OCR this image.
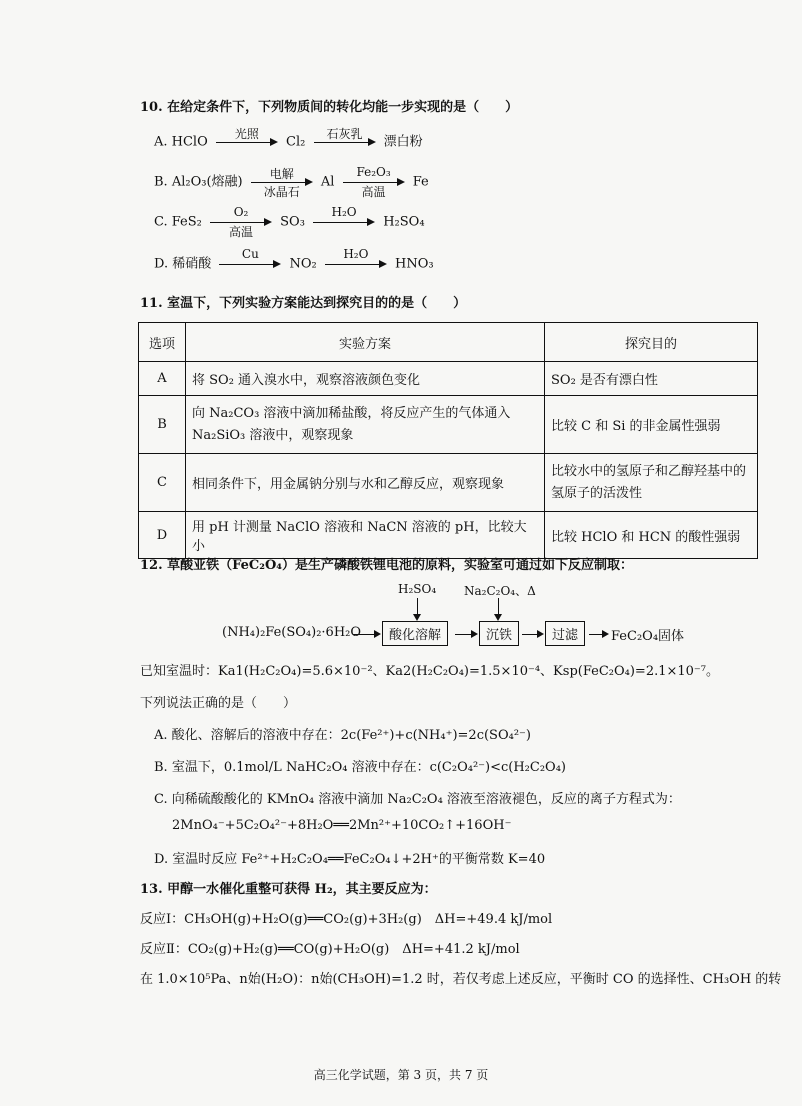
10. 在给定条件下，下列物质间的转化均能一步实现的是（　　）
A. HClO
光照
Cl₂
石灰乳
漂白粉
B. Al₂O₃(熔融)
电解
冰晶石
Al
Fe₂O₃
高温
Fe
C. FeS₂
O₂
高温
SO₃
H₂O
H₂SO₄
D. 稀硝酸
Cu
NO₂
H₂O
HNO₃
11. 室温下，下列实验方案能达到探究目的的是（　　）
选项	实验方案	探究目的
A	将 SO₂ 通入溴水中，观察溶液颜色变化	SO₂ 是否有漂白性
B	向 Na₂CO₃ 溶液中滴加稀盐酸，将反应产生的气体通入 Na₂SiO₃ 溶液中，观察现象	比较 C 和 Si 的非金属性强弱
C	相同条件下，用金属钠分别与水和乙醇反应，观察现象	比较水中的氢原子和乙醇羟基中的氢原子的活泼性
D	用 pH 计测量 NaClO 溶液和 NaCN 溶液的 pH，比较大小	比较 HClO 和 HCN 的酸性强弱
12. 草酸亚铁（FeC₂O₄）是生产磷酸铁锂电池的原料，实验室可通过如下反应制取：
H₂SO₄ Na₂C₂O₄、Δ
(NH₄)₂Fe(SO₄)₂·6H₂O	酸化溶解	沉铁	过滤	FeC₂O₄固体
已知室温时：Ka1(H₂C₂O₄)=5.6×10⁻²、Ka2(H₂C₂O₄)=1.5×10⁻⁴、Ksp(FeC₂O₄)=2.1×10⁻⁷。
下列说法正确的是（　　）
A. 酸化、溶解后的溶液中存在：2c(Fe²⁺)+c(NH₄⁺)=2c(SO₄²⁻)
B. 室温下，0.1mol/L NaHC₂O₄ 溶液中存在：c(C₂O₄²⁻)<c(H₂C₂O₄)
C. 向稀硫酸酸化的 KMnO₄ 溶液中滴加 Na₂C₂O₄ 溶液至溶液褪色，反应的离子方程式为：
2MnO₄⁻+5C₂O₄²⁻+8H₂O══2Mn²⁺+10CO₂↑+16OH⁻
D. 室温时反应 Fe²⁺+H₂C₂O₄══FeC₂O₄↓+2H⁺的平衡常数 K=40
13. 甲醇一水催化重整可获得 H₂，其主要反应为：
反应Ⅰ：CH₃OH(g)+H₂O(g)══CO₂(g)+3H₂(g)　ΔH=+49.4 kJ/mol
反应Ⅱ：CO₂(g)+H₂(g)══CO(g)+H₂O(g)　ΔH=+41.2 kJ/mol
在 1.0×10⁵Pa、n始(H₂O)：n始(CH₃OH)=1.2 时，若仅考虑上述反应，平衡时 CO 的选择性、CH₃OH 的转
高三化学试题，第 3 页，共 7 页
